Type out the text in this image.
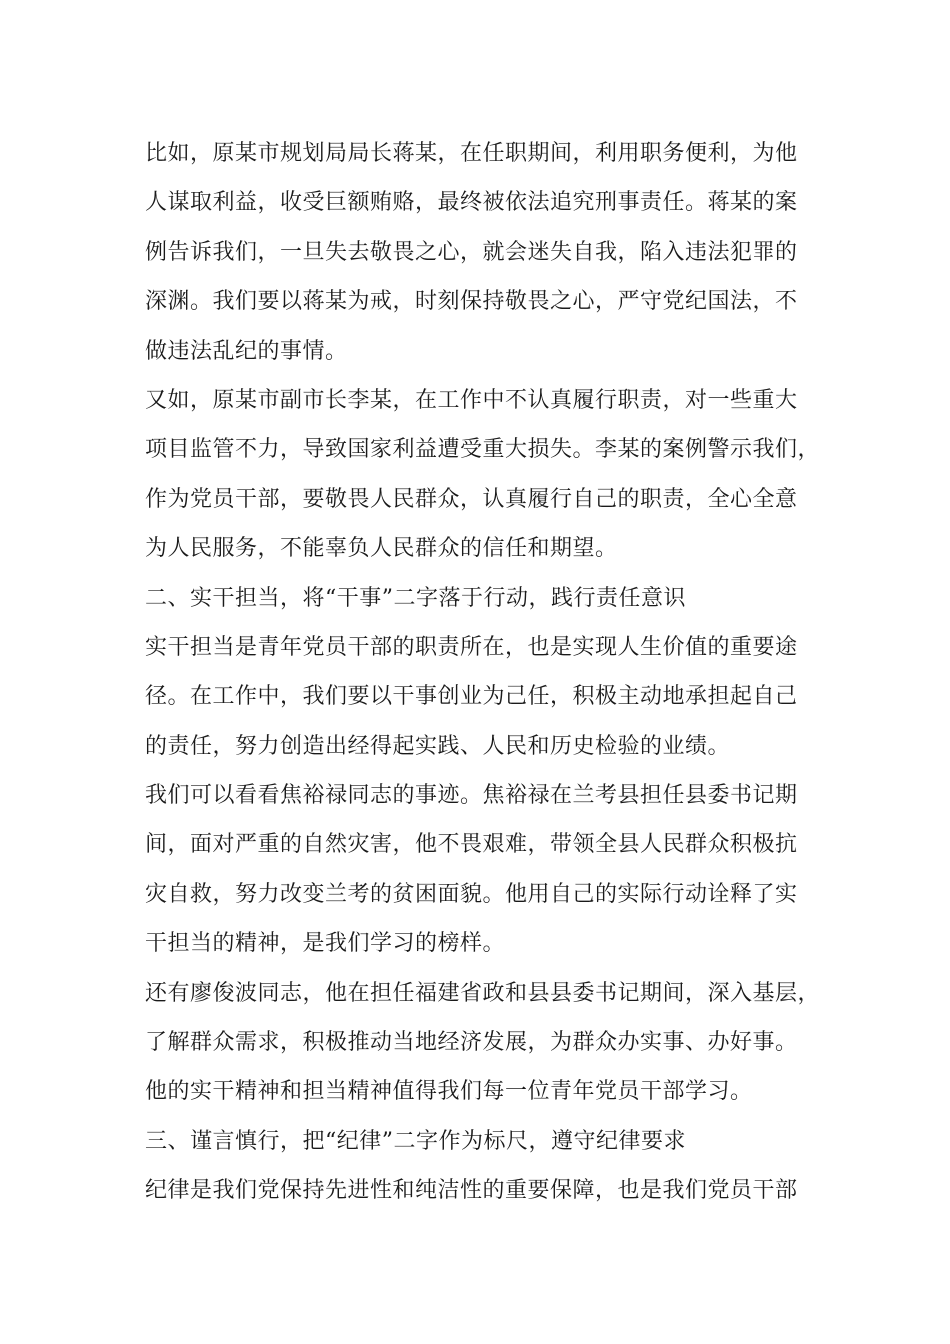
比如，原某市规划局局长蒋某，在任职期间，利用职务便利，为他
人谋取利益，收受巨额贿赂，最终被依法追究刑事责任。蒋某的案
例告诉我们，一旦失去敬畏之心，就会迷失自我，陷入违法犯罪的
深渊。我们要以蒋某为戒，时刻保持敬畏之心，严守党纪国法，不
做违法乱纪的事情。
又如，原某市副市长李某，在工作中不认真履行职责，对一些重大
项目监管不力，导致国家利益遭受重大损失。李某的案例警示我们，
作为党员干部，要敬畏人民群众，认真履行自己的职责，全心全意
为人民服务，不能辜负人民群众的信任和期望。
二、实干担当，将“干事”二字落于行动，践行责任意识
实干担当是青年党员干部的职责所在，也是实现人生价值的重要途
径。在工作中，我们要以干事创业为己任，积极主动地承担起自己
的责任，努力创造出经得起实践、人民和历史检验的业绩。
我们可以看看焦裕禄同志的事迹。焦裕禄在兰考县担任县委书记期
间，面对严重的自然灾害，他不畏艰难，带领全县人民群众积极抗
灾自救，努力改变兰考的贫困面貌。他用自己的实际行动诠释了实
干担当的精神，是我们学习的榜样。
还有廖俊波同志，他在担任福建省政和县县委书记期间，深入基层，
了解群众需求，积极推动当地经济发展，为群众办实事、办好事。
他的实干精神和担当精神值得我们每一位青年党员干部学习。
三、谨言慎行，把“纪律”二字作为标尺，遵守纪律要求
纪律是我们党保持先进性和纯洁性的重要保障，也是我们党员干部
